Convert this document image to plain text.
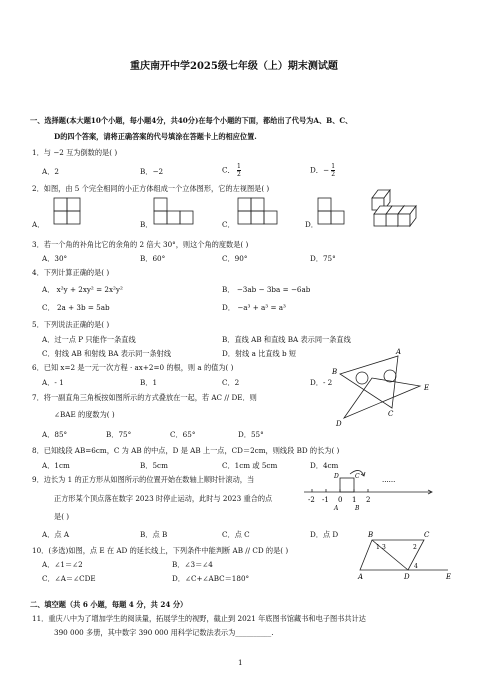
重庆南开中学2025级七年级（上）期末测试题
一、选择题(本大题10个小题，每小题4分，共40分)在每个小题的下面，都给出了代号为A、B、C、
D的四个答案，请将正确答案的代号填涂在答题卡上的相应位置.
1．与 −2 互为倒数的是( )
A．2	B．−2	C． $\frac{1}{2}$	D．− $\frac{1}{2}$
2．如图，由 5 个完全相同的小正方体组成一个立体图形，它的左视图是( )
A．	B．	C．	D．
3．若一个角的补角比它的余角的 2 倍大 30°，则这个角的度数是( )
A．30°	B．60°	C．90°	D．75°
4．下列计算正确的是( )
A． x²y + 2xy² = 2x²y²	B． −3ab − 3ba = −6ab
C． 2a + 3b = 5ab	D． −a³ + a³ = a³
5．下列说法正确的是( )
A．过一点 P 只能作一条直线	B．直线 AB 和直线 BA 表示同一条直线
C．射线 AB 和射线 BA 表示同一条射线	D．射线 a 比直线 b 短
6．已知 x=2 是一元一次方程 · ax+2=0 的根，则 a 的值为( )
A．- 1	B．1	C．2	D．- 2
7．将一副直角三角板按如图所示的方式叠放在一起，若 AC // DE．则
∠BAE 的度数为( )
A．85°	B．75°	C．65°	D．55°
A
B
C
D
E
8．已知线段 AB=6cm，C 为 AB 的中点，D 是 AB 上一点，CD＝2cm，则线段 BD 的长为( )
A．1cm	B．5cm	C．1cm 或 5cm	D．4cm
9．边长为 1 的正方形从如图所示的位置开始在数轴上顺时针滚动，当
正方形某个顶点落在数字 2023 时停止运动，此时与 2023 重合的点
是( )
A．点 A	B．点 B	C．点 C	D．点 D
......
-2 -1 0 1 2
D	C
A	B
10．(多选)如图，点 E 在 AD 的延长线上，下列条件中能判断 AB // CD 的是( )
A．∠1＝∠2	B．∠3＝∠4
C．∠A＝∠CDE	D．∠C+∠ABC＝180°
B	C
1 3	2
4
A	D	E
二、填空题（共 6 小题，每题 4 分，共 24 分）
11．重庆八中为了增加学生的阅读量，拓展学生的视野，截止到 2021 年底图书馆藏书和电子图书共计达
390 000 多册，其中数字 390 000 用科学记数法表示为__________.
1
